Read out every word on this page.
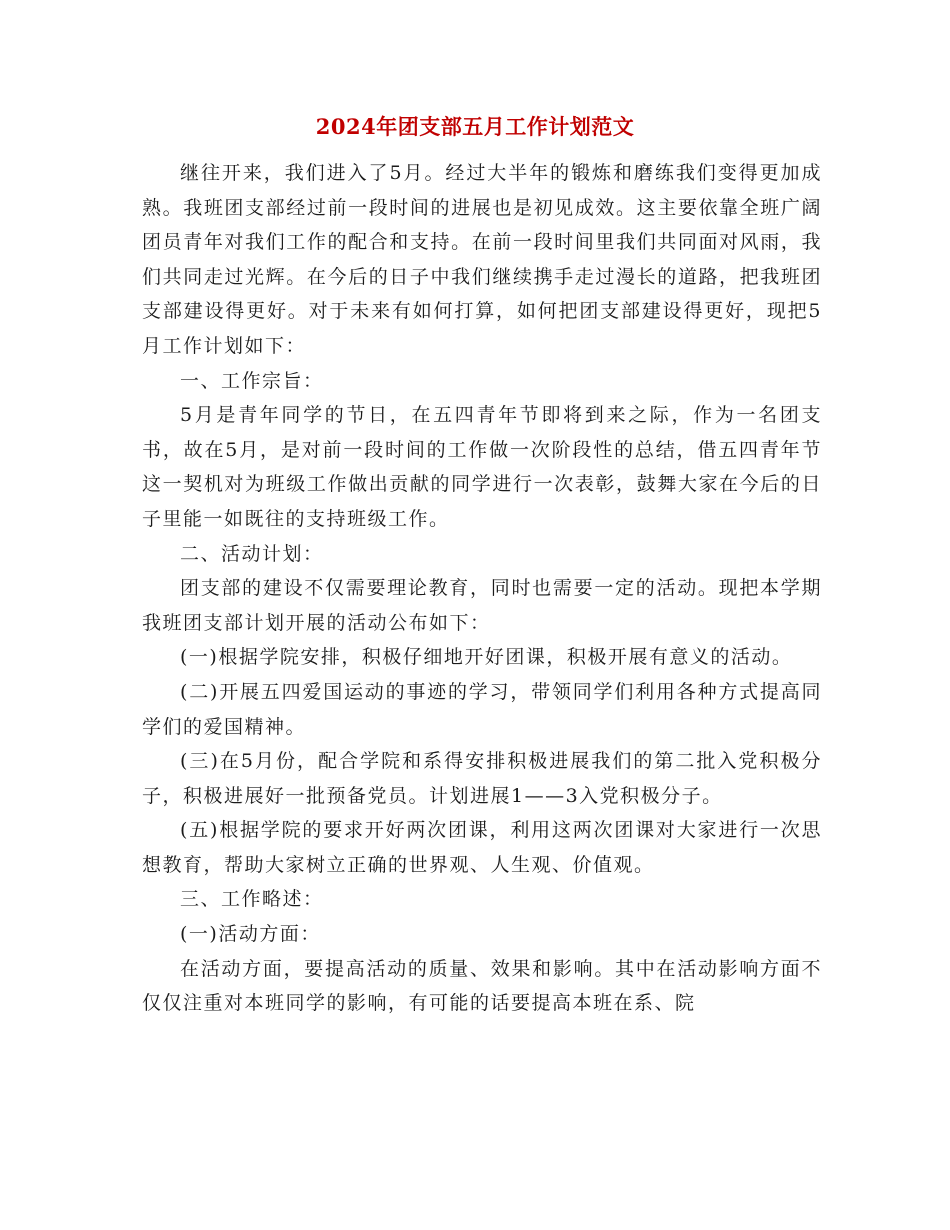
2024年团支部五月工作计划范文

继往开来，我们进入了5月。经过大半年的锻炼和磨练我们变得更加成熟。我班团支部经过前一段时间的进展也是初见成效。这主要依靠全班广阔团员青年对我们工作的配合和支持。在前一段时间里我们共同面对风雨，我们共同走过光辉。在今后的日子中我们继续携手走过漫长的道路，把我班团支部建设得更好。对于未来有如何打算，如何把团支部建设得更好，现把5月工作计划如下：

一、工作宗旨：

5月是青年同学的节日，在五四青年节即将到来之际，作为一名团支书，故在5月，是对前一段时间的工作做一次阶段性的总结，借五四青年节这一契机对为班级工作做出贡献的同学进行一次表彰，鼓舞大家在今后的日子里能一如既往的支持班级工作。

二、活动计划：

团支部的建设不仅需要理论教育，同时也需要一定的活动。现把本学期我班团支部计划开展的活动公布如下：

(一)根据学院安排，积极仔细地开好团课，积极开展有意义的活动。

(二)开展五四爱国运动的事迹的学习，带领同学们利用各种方式提高同学们的爱国精神。

(三)在5月份，配合学院和系得安排积极进展我们的第二批入党积极分子，积极进展好一批预备党员。计划进展1——3入党积极分子。

(五)根据学院的要求开好两次团课，利用这两次团课对大家进行一次思想教育，帮助大家树立正确的世界观、人生观、价值观。

三、工作略述：

(一)活动方面：

在活动方面，要提高活动的质量、效果和影响。其中在活动影响方面不仅仅注重对本班同学的影响，有可能的话要提高本班在系、院
